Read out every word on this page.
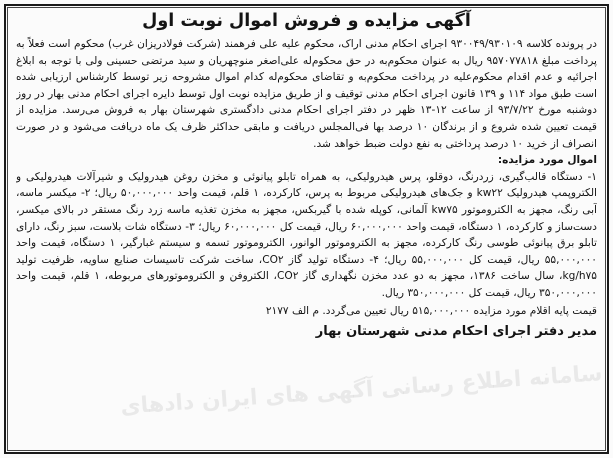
سامانه اطلاع رسانی آگهی های ایران دادهای
آگهی مزایده و فروش اموال نوبت اول

در پرونده کلاسه ۹۳۰۰۴۹/۹۳۰۱۰۹ اجرای احکام مدنی اراک، محکوم علیه علی فرهمند (شرکت فولادریزان غرب) محکوم است فعلاً به پرداخت مبلغ ۹۵۷۰۷۷۸۱۸ ریال به عنوان محکوم‌به در حق محکوم‌له علی‌اصغر منوچهریان و سید مرتضی حسینی ولی با توجه به ابلاغ اجرائیه و عدم اقدام محکوم‌علیه در پرداخت محکوم‌به و تقاضای محکوم‌له کدام اموال مشروحه زیر توسط کارشناس ارزیابی شده است طبق مواد ۱۱۴ و ۱۳۹ قانون اجرای احکام مدنی توقیف و از طریق مزایده نوبت اول توسط دایره اجرای احکام مدنی بهار در روز دوشنبه مورخ ۹۳/۷/۲۲ از ساعت ۱۲-۱۳ ظهر در دفتر اجرای احکام مدنی دادگستری شهرستان بهار به فروش می‌رسد. مزایده از قیمت تعیین شده شروع و از برندگان ۱۰ درصد بها فی‌المجلس دریافت و مابقی حداکثر ظرف یک ماه دریافت می‌شود و در صورت انصراف از خرید ۱۰ درصد پرداختی به نفع دولت ضبط خواهد شد.

اموال مورد مزایده:

۱- دستگاه قالب‌گیری، زردرنگ، دوقلو، پرس هیدرولیکی، به همراه تابلو پیانوئی و مخزن روغن هیدرولیک و شیرآلات هیدرولیکی و الکتروپمپ هیدرولیک kw۲۲ و جک‌های هیدرولیکی مربوط به پرس، کارکرده، ۱ قلم، قیمت واحد ۵۰,۰۰۰,۰۰۰ ریال؛ ۲- میکسر ماسه، آبی رنگ، مجهز به الکتروموتور kw۷۵ آلمانی، کوپله شده با گیربکس، مجهز به مخزن تغذیه ماسه زرد رنگ مستقر در بالای میکسر، دست‌ساز و کارکرده، ۱ دستگاه، قیمت واحد ۶۰,۰۰۰,۰۰۰ ریال، قیمت کل ۶۰,۰۰۰,۰۰۰ ریال؛ ۳- دستگاه شات بلاست، سبز رنگ، دارای تابلو برق پیانوئی طوسی رنگ کارکرده، مجهز به الکتروموتور الوانور، الکتروموتور تسمه و سیستم غبارگیر، ۱ دستگاه، قیمت واحد ۵۵,۰۰۰,۰۰۰ ریال، قیمت کل ۵۵,۰۰۰,۰۰۰ ریال؛ ۴- دستگاه تولید گاز CO۲، ساخت شرکت تاسیسات صنایع ساویه، ظرفیت تولید kg/h۷۵، سال ساخت ۱۳۸۶، مجهز به دو عدد مخزن نگهداری گاز CO۲، الکتروفن و الکتروموتورهای مربوطه، ۱ قلم، قیمت واحد ۳۵۰,۰۰۰,۰۰۰ ریال، قیمت کل ۳۵۰,۰۰۰,۰۰۰ ریال.

قیمت پایه اقلام مورد مزایده ۵۱۵,۰۰۰,۰۰۰ ریال تعیین می‌گردد. م الف ۲۱۷۷

مدیر دفتر اجرای احکام مدنی شهرستان بهار
